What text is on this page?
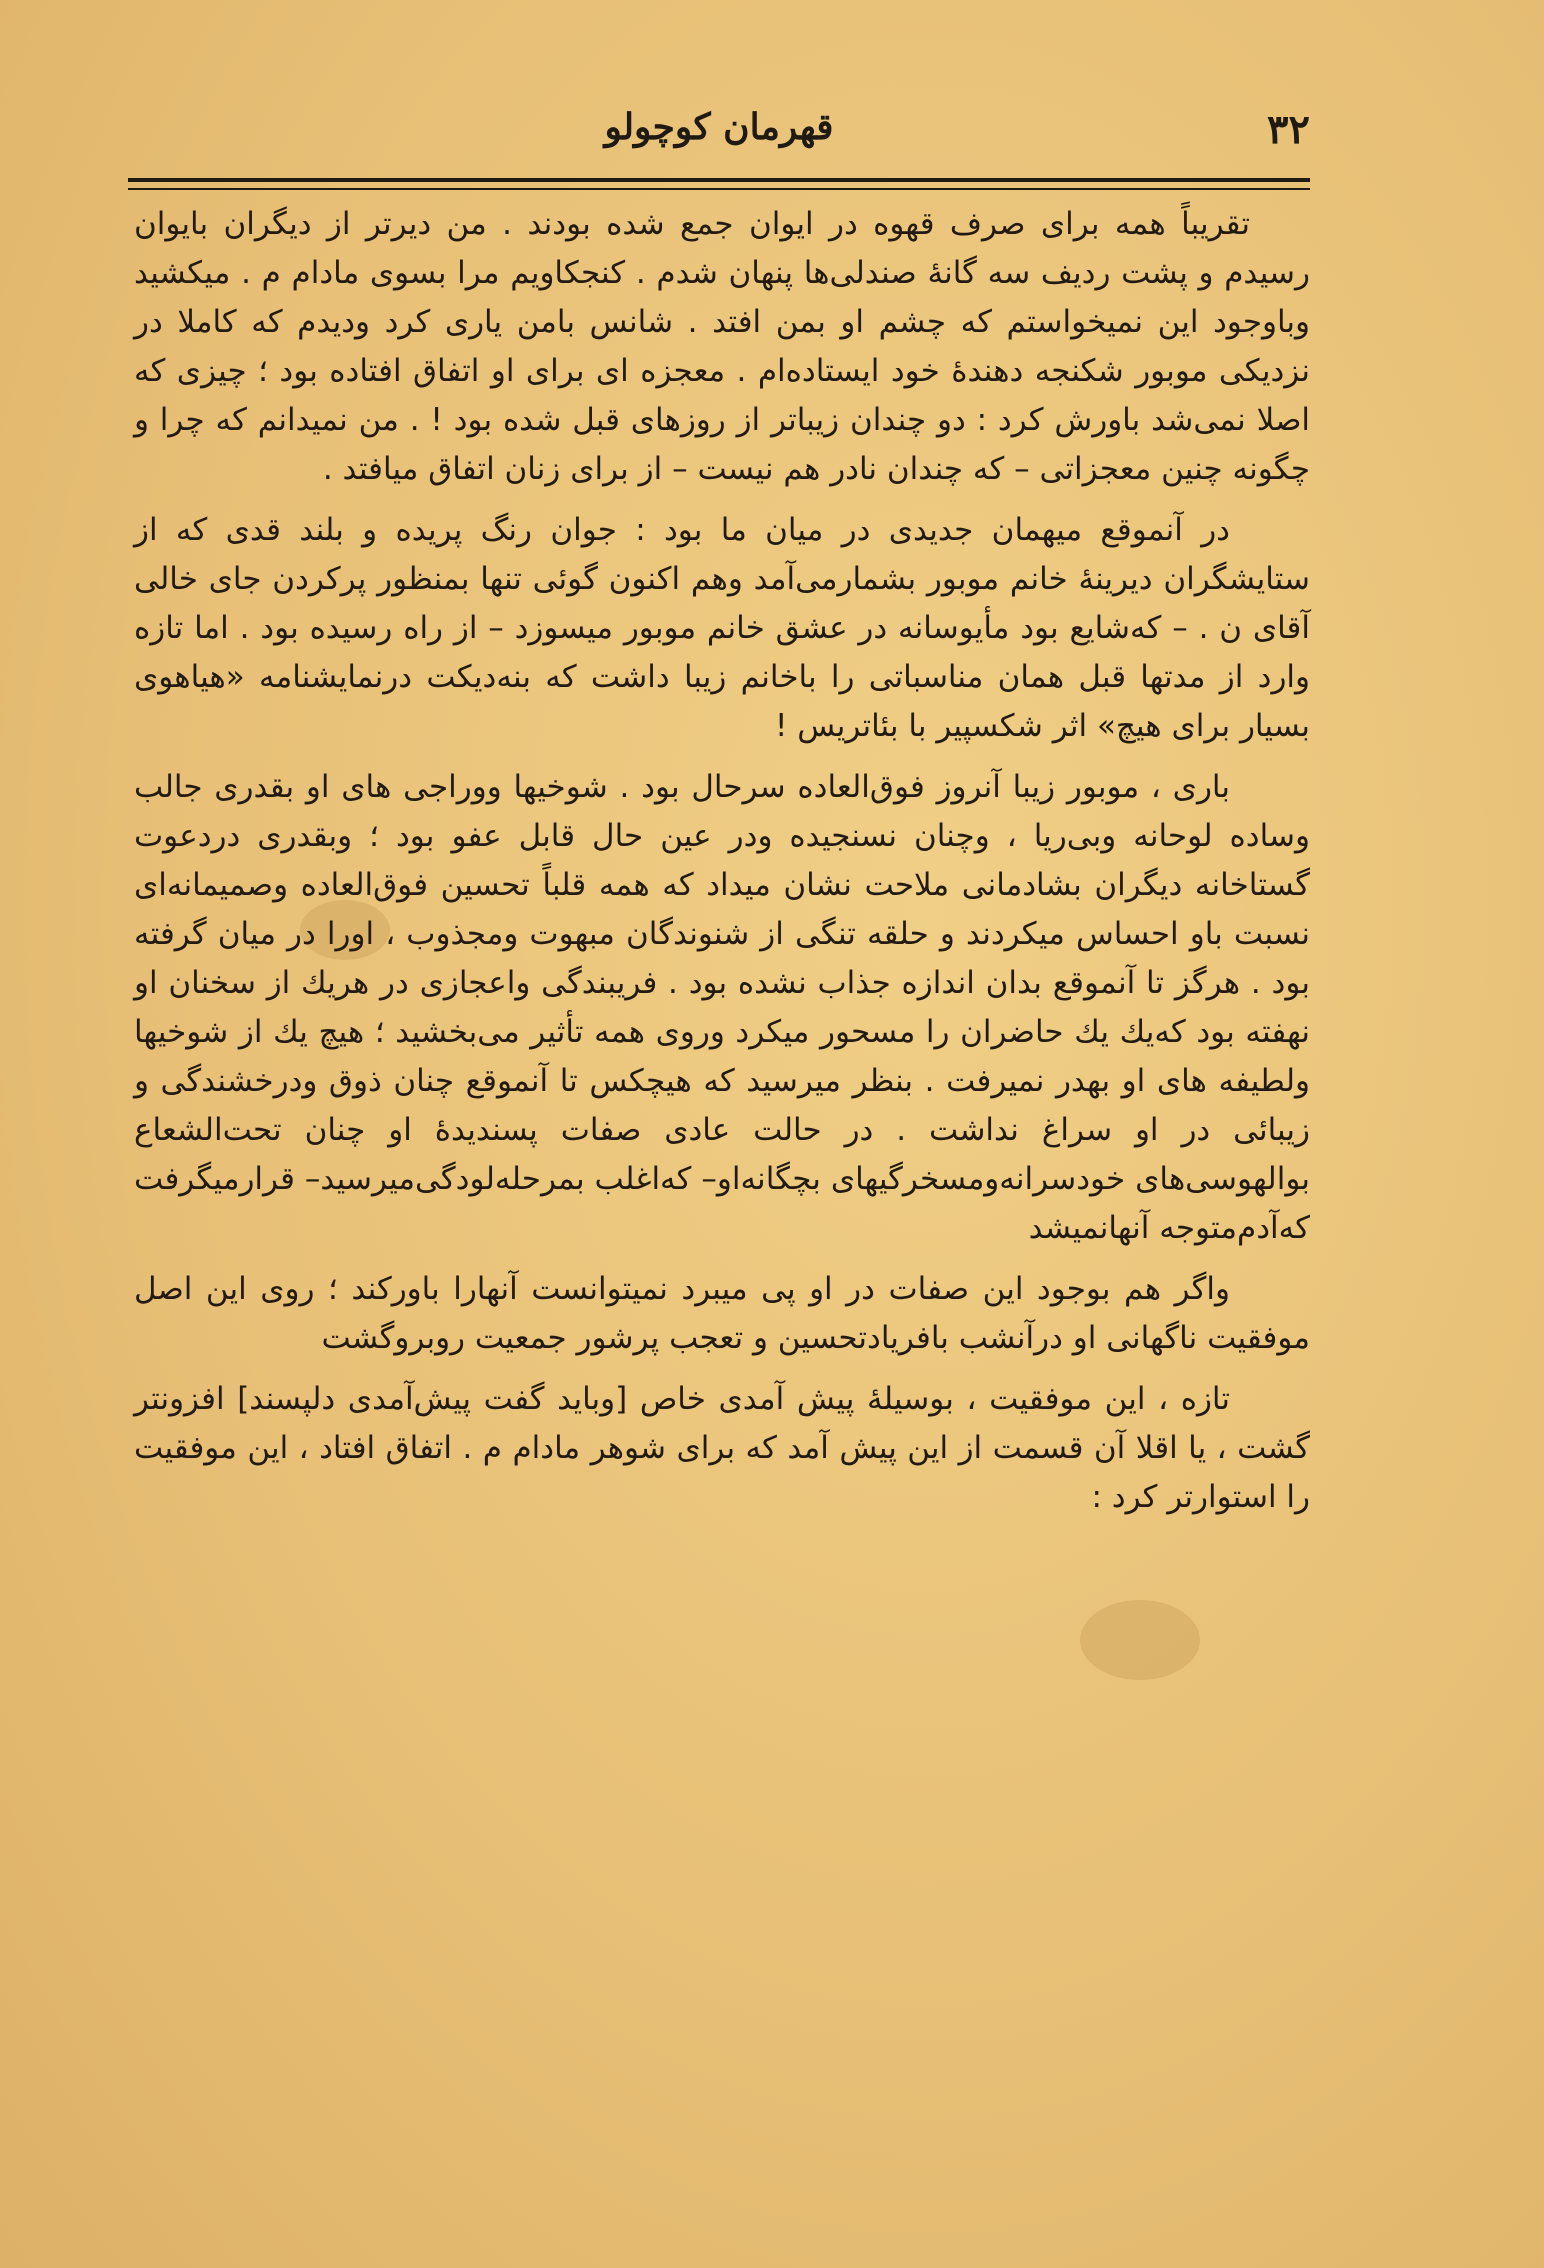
۳۲
قهرمان کوچولو

تقریباً همه برای صرف قهوه در ایوان جمع شده بودند . من دیرتر از دیگران بایوان رسیدم و پشت ردیف سه گانهٔ صندلی‌ها پنهان شدم . کنجکاویم مرا بسوی مادام م . میکشید وباوجود این نمیخواستم که چشم او بمن افتد . شانس بامن یاری کرد ودیدم که کاملا در نزدیکی موبور شکنجه دهندهٔ خود ایستاده‌ام . معجزه ای برای او اتفاق افتاده بود ؛ چیزی که اصلا نمی‌شد باورش کرد : دو چندان زیباتر از روزهای قبل شده بود ! . من نمیدانم که چرا و چگونه چنین معجزاتی – که چندان نادر هم نیست – از برای زنان اتفاق میافتد .

در آنموقع میهمان جدیدی در میان ما بود : جوان رنگ پریده و بلند قدی که از ستایشگران دیرینهٔ خانم موبور بشمارمی‌آمد وهم اکنون گوئی تنها بمنظور پرکردن جای خالی آقای ن . – که‌شایع بود مأیوسانه در عشق خانم موبور میسوزد – از راه رسیده بود . اما تازه وارد از مدتها قبل همان مناسباتی را باخانم زیبا داشت که بنه‌دیکت درنمایشنامه «هیاهوی بسیار برای هیچ» اثر شکسپیر با بئاتریس !

باری ، موبور زیبا آنروز فوق‌العاده سرحال بود . شوخیها ووراجی های او بقدری جالب وساده لوحانه وبی‌ریا ، وچنان نسنجیده ودر عین حال قابل عفو بود ؛ وبقدری دردعوت گستاخانه دیگران بشادمانی ملاحت نشان میداد که همه قلباً تحسین فوق‌العاده وصمیمانه‌ای نسبت باو احساس میکردند و حلقه تنگی از شنوندگان مبهوت ومجذوب ، اورا در میان گرفته بود . هرگز تا آنموقع بدان اندازه جذاب نشده بود . فریبندگی واعجازی در هریك از سخنان او نهفته بود که‌یك یك حاضران را مسحور میکرد وروی همه تأثیر می‌بخشید ؛ هیچ یك از شوخیها ولطیفه های او بهدر نمیرفت . بنظر میرسید که هیچکس تا آنموقع چنان ذوق ودرخشندگی و زیبائی در او سراغ نداشت . در حالت عادی صفات پسندیدهٔ او چنان تحت‌الشعاع بوالهوسی‌های خودسرانه‌ومسخرگیهای بچگانه‌او– که‌اغلب بمرحله‌لودگی‌میرسید– قرارمیگرفت که‌آدم‌متوجه آنهانمیشد

واگر هم بوجود این صفات در او پی میبرد نمیتوانست آنهارا باورکند ؛ روی این اصل موفقیت ناگهانی او درآنشب بافریادتحسین و تعجب پرشور جمعیت روبروگشت

تازه ، این موفقیت ، بوسیلهٔ پیش آمدی خاص [وباید گفت پیش‌آمدی دلپسند] افزونتر گشت ، یا اقلا آن قسمت از این پیش آمد که برای شوهر مادام م . اتفاق افتاد ، این موفقیت را استوارتر کرد :
